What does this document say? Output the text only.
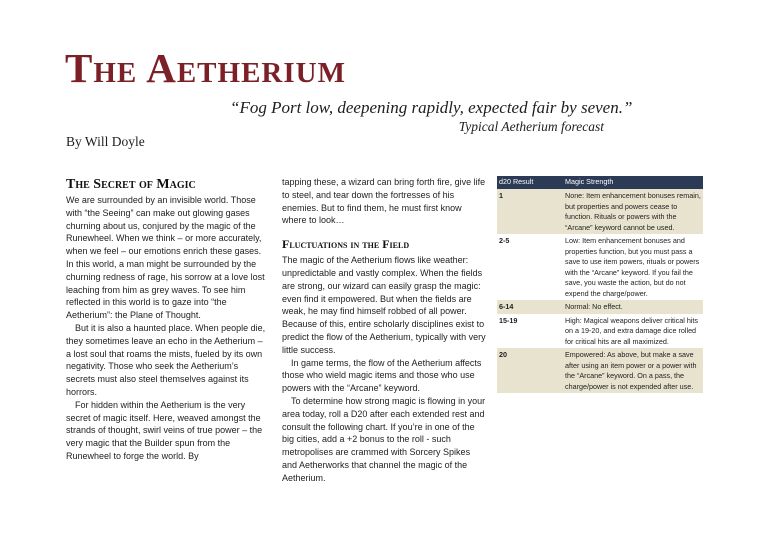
The Aetherium
“Fog Port low, deepening rapidly, expected fair by seven.”
Typical Aetherium forecast
By Will Doyle
The Secret of Magic

We are surrounded by an invisible world. Those with “the Seeing” can make out glowing gases churning about us, conjured by the magic of the Runewheel. When we think – or more accurately, when we feel – our emotions enrich these gases. In this world, a man might be surrounded by the churning redness of rage, his sorrow at a love lost leaching from him as grey waves. To see him reflected in this world is to gaze into “the Aetherium”: the Plane of Thought.

But it is also a haunted place. When people die, they sometimes leave an echo in the Aetherium – a lost soul that roams the mists, fueled by its own negativity. Those who seek the Aetherium’s secrets must also steel themselves against its horrors.

For hidden within the Aetherium is the very secret of magic itself. Here, weaved amongst the strands of thought, swirl veins of true power – the very magic that the Builder spun from the Runewheel to forge the world. By

tapping these, a wizard can bring forth fire, give life to steel, and tear down the fortresses of his enemies. But to find them, he must first know where to look…

Fluctuations in the Field

The magic of the Aetherium flows like weather: unpredictable and vastly complex. When the fields are strong, our wizard can easily grasp the magic: even find it empowered. But when the fields are weak, he may find himself robbed of all power. Because of this, entire scholarly disciplines exist to predict the flow of the Aetherium, typically with very little success.

In game terms, the flow of the Aetherium affects those who wield magic items and those who use powers with the “Arcane” keyword.

To determine how strong magic is flowing in your area today, roll a D20 after each extended rest and consult the following chart. If you’re in one of the big cities, add a +2 bonus to the roll - such metropolises are crammed with Sorcery Spikes and Aetherworks that channel the magic of the Aetherium.

d20 Result	Magic Strength
1	None: Item enhancement bonuses remain, but properties and powers cease to function. Rituals or powers with the “Arcane” keyword cannot be used.
2-5	Low: Item enhancement bonuses and properties function, but you must pass a save to use item powers, rituals or powers with the “Arcane” keyword. If you fail the save, you waste the action, but do not expend the charge/power.
6-14	Normal: No effect.
15-19	High: Magical weapons deliver critical hits on a 19-20, and extra damage dice rolled for critical hits are all maximized.
20	Empowered: As above, but make a save after using an item power or a power with the “Arcane” keyword. On a pass, the charge/power is not expended after use.
